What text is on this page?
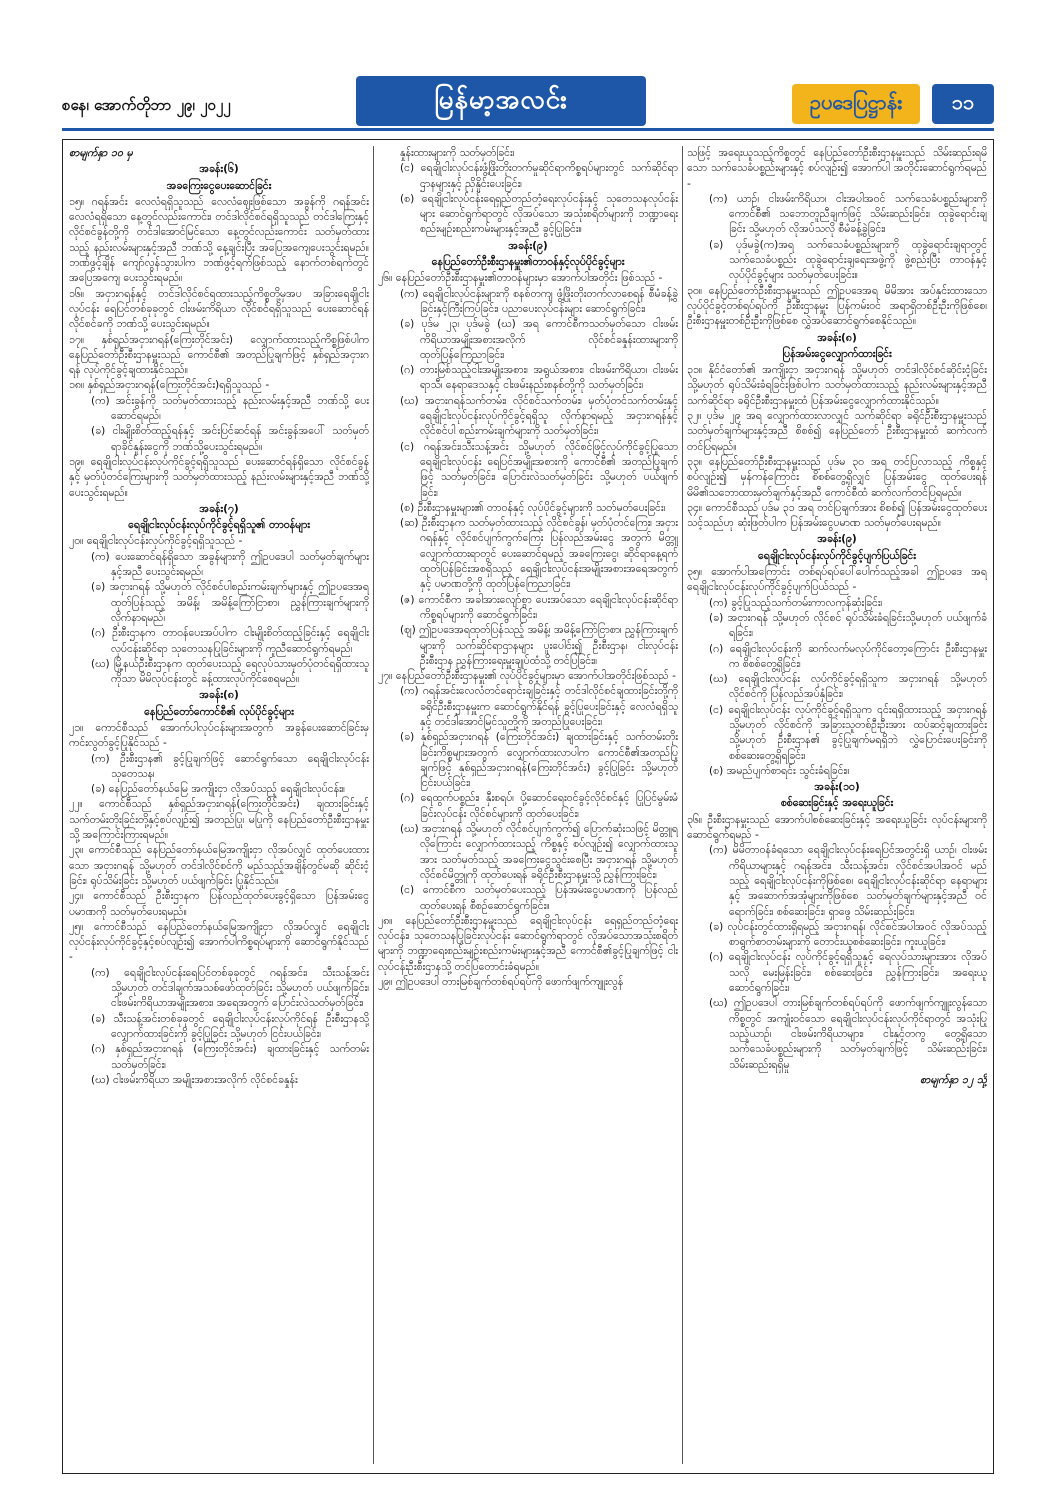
စနေ၊ အောက်တိုဘာ ၂၉၊ ၂၀၂၂	မြန်မာ့အလင်း	ဥပဒေပြဋ္ဌာန်း ၁၁

စာမျက်နှာ ၁၀ မှ

အခန်း(၆)

အခကြေးငွေပေးဆောင်ခြင်း

၁၅။ ဂရန်အင်း လေလံရရှိသူသည် လေလံဈေးဖြစ်သော အခွန်ကို ဂရန်အင်းလေလံရရှိသော နေ့တွင်လည်းကောင်း၊ တင်ဒါလိုင်စင်ရရှိသူသည် တင်ဒါကြေးနှင့် လိုင်စင်ခွန်တို့ကို တင်ဒါအောင်မြင်သော နေ့တွင်လည်းကောင်း သတ်မှတ်ထားသည့် နည်းလမ်းများနှင့်အညီ ဘဏ်သို့ နေ့ချင်းပြီး အပြေအကျေပေးသွင်းရမည်။ ဘဏ်ဖွင့်ချိန် ကျော်လွန်သွားပါက ဘဏ်ဖွင့်ရက်ဖြစ်သည့် နောက်တစ်ရက်တွင် အပြေအကျေ ပေးသွင်းရမည်။

၁၆။ အငှားဂရန်နှင့် တင်ဒါလိုင်စင်ရထားသည့်ကိစ္စတို့မှအပ အခြားရေချိုငါးလုပ်ငန်း ရေပြင်တစ်ခုခုတွင် ငါးဖမ်းကိရိယာ လိုင်စင်ရရှိသူသည် ပေးဆောင်ရန်လိုင်စင်ခကို ဘဏ်သို့ ပေးသွင်းရမည်။

၁၇။ နှစ်ရှည်အငှားဂရန်(ကြေးတိုင်အင်း) လျှောက်ထားသည့်ကိစ္စဖြစ်ပါက နေပြည်တော်ဦးစီးဌာနမှူးသည် ကောင်စီ၏ အတည်ပြုချက်ဖြင့် နှစ်ရှည်အငှားဂရန် လုပ်ကိုင်ခွင့်ချထားနိုင်သည်။

၁၈။ နှစ်ရှည်အငှားဂရန်(ကြေးတိုင်အင်း)ရရှိသူသည် -

(က) အင်းခွန်ကို သတ်မှတ်ထားသည့် နည်းလမ်းနှင့်အညီ ဘဏ်သို့ ပေးဆောင်ရမည်၊

(ခ) ငါးမျိုးစိတ်ထည့်ရန်နှင့် အင်းပြင်ဆင်ရန် အင်းခွန်အပေါ် သတ်မှတ်ရာခိုင်နှုန်းငွေကို ဘဏ်သို့ပေးသွင်းရမည်။

၁၉။ ရေချိုငါးလုပ်ငန်းလုပ်ကိုင်ခွင့်ရရှိသူသည် ပေးဆောင်ရန်ရှိသော လိုင်စင်ခွန်နှင့် မှတ်ပုံတင်ကြေးများကို သတ်မှတ်ထားသည့် နည်းလမ်းများနှင့်အညီ ဘဏ်သို့ပေးသွင်းရမည်။

အခန်း(၇)

ရေချိုငါးလုပ်ငန်းလုပ်ကိုင်ခွင့်ရရှိသူ၏ တာဝန်များ

၂၀။ ရေချိုငါးလုပ်ငန်းလုပ်ကိုင်ခွင့်ရရှိသူသည် -

(က) ပေးဆောင်ရန်ရှိသော အခွန်များကို ဤဥပဒေပါ သတ်မှတ်ချက်များနှင့်အညီ ပေးသွင်းရမည်၊

(ခ) အငှားဂရန် သို့မဟုတ် လိုင်စင်ပါစည်းကမ်းချက်များနှင့် ဤဥပဒေအရ ထုတ်ပြန်သည့် အမိန့်၊ အမိန့်ကြော်ငြာစာ၊ ညွှန်ကြားချက်များကိုလိုက်နာရမည်၊

(ဂ) ဦးစီးဌာနက တာဝန်ပေးအပ်ပါက ငါးမျိုးစိတ်ထည့်ခြင်းနှင့် ရေချိုငါးလုပ်ငန်းဆိုင်ရာ သုတေသနပြုခြင်းများကို ကူညီဆောင်ရွက်ရမည်၊

(ဃ) မြို့နယ်ဦးစီးဌာနက ထုတ်ပေးသည့် ရေလုပ်သားမှတ်ပုံတင်ရရှိထားသူကိုသာ မိမိလုပ်ငန်းတွင် ခန့်ထားလုပ်ကိုင်စေရမည်။

အခန်း(၈)

နေပြည်တော်ကောင်စီ၏ လုပ်ပိုင်ခွင့်များ

၂၁။ ကောင်စီသည် အောက်ပါလုပ်ငန်းများအတွက် အခွန်ပေးဆောင်ခြင်းမှ ကင်းလွတ်ခွင့်ပြုနိုင်သည် -

(က) ဦးစီးဌာန၏ ခွင့်ပြုချက်ဖြင့် ဆောင်ရွက်သော ရေချိုငါးလုပ်ငန်းသုတေသန၊

(ခ) နေပြည်တော်နယ်မြေ အကျိုးငှာ လိုအပ်သည့် ရေချိုငါးလုပ်ငန်း။

၂၂။ ကောင်စီသည် နှစ်ရှည်အငှားဂရန်(ကြေးတိုင်အင်း) ချထားခြင်းနှင့် သက်တမ်းတိုးခြင်းတို့နှင့်စပ်လျဉ်း၍ အတည်ပြု၊ မပြုကို နေပြည်တော်ဦးစီးဌာနမှူးသို့ အကြောင်းကြားရမည်။

၂၃။ ကောင်စီသည် နေပြည်တော်နယ်မြေအကျိုးငှာ လိုအပ်လျှင် ထုတ်ပေးထားသော အငှားဂရန် သို့မဟုတ် တင်ဒါလိုင်စင်ကို မည်သည့်အချိန်တွင်မဆို ဆိုင်းငံ့ခြင်း၊ ရုပ်သိမ်းခြင်း သို့မဟုတ် ပယ်ဖျက်ခြင်း ပြုနိုင်သည်။

၂၄။ ကောင်စီသည် ဦးစီးဌာနက ပြန်လည်ထုတ်ပေးခွင့်ရှိသော ပြန်အမ်းငွေပမာဏကို သတ်မှတ်ပေးရမည်။

၂၅။ ကောင်စီသည် နေပြည်တော်နယ်မြေအကျိုးငှာ လိုအပ်လျှင် ရေချိုငါးလုပ်ငန်းလုပ်ကိုင်ခွင့်နှင့်စပ်လျဉ်း၍ အောက်ပါကိစ္စရပ်များကို ဆောင်ရွက်နိုင်သည် -

(က) ရေချိုငါးလုပ်ငန်းရေပြင်တစ်ခုခုတွင် ဂရန်အင်း၊ သီးသန့်အင်း သို့မဟုတ် တင်ဒါချက်အသစ်ဖော်ထုတ်ခြင်း သို့မဟုတ် ပယ်ဖျက်ခြင်း၊ ငါးဖမ်းကိရိယာအမျိုးအစား၊ အရေအတွက် ပြောင်းလဲသတ်မှတ်ခြင်း၊

(ခ) သီးသန့်အင်းတစ်ခုခုတွင် ရေချိုငါးလုပ်ငန်းလုပ်ကိုင်ရန် ဦးစီးဌာနသို့ လျှောက်ထားခြင်းကို ခွင့်ပြုခြင်း သို့မဟုတ် ငြင်းပယ်ခြင်း၊

(ဂ) နှစ်ရှည်အငှားဂရန် (ကြေးတိုင်အင်း) ချထားခြင်းနှင့် သက်တမ်းသတ်မှတ်ခြင်း၊

(ဃ) ငါးဖမ်းကိရိယာ အမျိုးအစားအလိုက် လိုင်စင်ခနှုန်း

နှုန်းထားများကို သတ်မှတ်ခြင်း၊

(င) ရေချိုငါးလုပ်ငန်းဖွံ့ဖြိုးတိုးတက်မှုဆိုင်ရာကိစ္စရပ်များတွင် သက်ဆိုင်ရာဌာနများနှင့် ညှိနှိုင်းပေးခြင်း၊

(စ) ရေချိုငါးလုပ်ငန်းရေရှည်တည်တံ့ရေးလုပ်ငန်းနှင့် သုတေသနလုပ်ငန်းများ ဆောင်ရွက်ရာတွင် လိုအပ်သော အသုံးစရိတ်များကို ဘဏ္ဍာရေးစည်းမျဉ်းစည်းကမ်းများနှင့်အညီ ခွင့်ပြုခြင်း။

အခန်း(၉)

နေပြည်တော်ဦးစီးဌာနမှူး၏တာဝန်နှင့်လုပ်ပိုင်ခွင့်များ

၂၆။ နေပြည်တော်ဦးစီးဌာနမှူး၏တာဝန်များမှာ အောက်ပါအတိုင်း ဖြစ်သည် -

(က) ရေချိုငါးလုပ်ငန်းများကို စနစ်တကျ ဖွံ့ဖြိုးတိုးတက်လာစေရန် စီမံခန့်ခွဲခြင်းနှင့်ကြီးကြပ်ခြင်း၊ ပညာပေးလုပ်ငန်းများ ဆောင်ရွက်ခြင်း၊

(ခ) ပုဒ်မ ၂၃၊ ပုဒ်မခွဲ (ဃ) အရ ကောင်စီကသတ်မှတ်သော ငါးဖမ်းကိရိယာအမျိုးအစားအလိုက် လိုင်စင်ခနှုန်းထားများကို ထုတ်ပြန်ကြေညာခြင်း၊

(ဂ) တားမြစ်သည့်ငါးအမျိုးအစား၊ အရွယ်အစား၊ ငါးဖမ်းကိရိယာ၊ ငါးဖမ်းရာသီ၊ နေရာဒေသနှင့် ငါးဖမ်းနည်းစနစ်တို့ကို သတ်မှတ်ခြင်း၊

(ဃ) အငှားဂရန်သက်တမ်း၊ လိုင်စင်သက်တမ်း၊ မှတ်ပုံတင်သက်တမ်းနှင့် ရေချိုငါးလုပ်ငန်းလုပ်ကိုင်ခွင့်ရရှိသူ လိုက်နာရမည့် အငှားဂရန်နှင့် လိုင်စင်ပါ စည်းကမ်းချက်များကို သတ်မှတ်ခြင်း၊

(င) ဂရန်အင်း၊သီးသန့်အင်း သို့မဟုတ် လိုင်စင်ဖြင့်လုပ်ကိုင်ခွင့်ပြုသော ရေချိုငါးလုပ်ငန်း ရေပြင်အမျိုးအစားကို ကောင်စီ၏ အတည်ပြုချက်ဖြင့် သတ်မှတ်ခြင်း၊ ပြောင်းလဲသတ်မှတ်ခြင်း သို့မဟုတ် ပယ်ဖျက်ခြင်း၊

(စ) ဦးစီးဌာနမှူးများ၏ တာဝန်နှင့် လုပ်ပိုင်ခွင့်များကို သတ်မှတ်ပေးခြင်း၊

(ဆ) ဦးစီးဌာနက သတ်မှတ်ထားသည့် လိုင်စင်ခွန်၊ မှတ်ပုံတင်ကြေး၊ အငှားဂရန်နှင့် လိုင်စင်ပျက်ကွက်ကြေး ပြန်လည်အမ်းငွေ အတွက် မိတ္တူလျှောက်ထားရာတွင် ပေးဆောင်ရမည့် အခကြေးငွေ၊ ဆိုင်ရာနေ့ရက် ထုတ်ပြန်ခြင်းအစရှိသည့် ရေချိုငါးလုပ်ငန်းအမျိုးအစားအရေအတွက်နှင့် ပမာဏတို့ကို ထုတ်ပြန်ကြေညာခြင်း၊

(ဇ) ကောင်စီက အခါအားလျော်စွာ ပေးအပ်သော ရေချိုငါးလုပ်ငန်းဆိုင်ရာ ကိစ္စရပ်များကို ဆောင်ရွက်ခြင်း၊

(ဈ) ဤဥပဒေအရထုတ်ပြန်သည့် အမိန့်၊ အမိန့်ကြော်ငြာစာ၊ ညွှန်ကြားချက်များကို သက်ဆိုင်ရာဌာနများ ပူးပေါင်း၍ ဦးစီးဌာန၊ ငါးလုပ်ငန်းဦးစီးဌာန ညွှန်ကြားရေးမှူးချုပ်ထံသို့ တင်ပြခြင်း။

၂၇။ နေပြည်တော်ဦးစီးဌာနမှူး၏ လုပ်ပိုင်ခွင့်များမှာ အောက်ပါအတိုင်းဖြစ်သည် -

(က) ဂရန်အင်းလေလံတင်ရောင်းချခြင်းနှင့် တင်ဒါလိုင်စင်ချထားခြင်းတို့ကို ခရိုင်ဦးစီးဌာနမှူးက ဆောင်ရွက်နိုင်ရန် ခွင့်ပြုပေးခြင်းနှင့် လေလံရရှိသူနှင့် တင်ဒါအောင်မြင်သူတို့ကို အတည်ပြုပေးခြင်း၊

(ခ) နှစ်ရှည်အငှားဂရန် (ကြေးတိုင်အင်း) ချထားခြင်းနှင့် သက်တမ်းတိုးခြင်းကိစ္စများအတွက် လျှောက်ထားလာပါက ကောင်စီ၏အတည်ပြုချက်ဖြင့် နှစ်ရှည်အငှားဂရန်(ကြေးတိုင်အင်း) ခွင့်ပြုခြင်း သို့မဟုတ် ငြင်းပယ်ခြင်း၊

(ဂ) ရေထွက်ပစ္စည်း၊ နှီးစရပ်၊ ပို့ဆောင်ရေးဝင်ခွင့်လိုင်စင်နှင့် ပြုပြင်မွမ်းမံခြင်းလုပ်ငန်း လိုင်စင်များကို ထုတ်ပေးခြင်း၊

(ဃ) အငှားဂရန် သို့မဟုတ် လိုင်စင်ပျက်ကွက်၍ ပြောက်ဆုံးသဖြင့် မိတ္တူရလိုကြောင်း လျှောက်ထားသည့် ကိစ္စနှင့် စပ်လျဉ်း၍ လျှောက်ထားသူအား သတ်မှတ်သည့် အခကြေးငွေသွင်းစေပြီး အငှားဂရန် သို့မဟုတ် လိုင်စင်မိတ္တူကို ထုတ်ပေးရန် ခရိုင်ဦးစီးဌာနမှူးသို့ ညွှန်ကြားခြင်း၊

(င) ကောင်စီက သတ်မှတ်ပေးသည့် ပြန်အမ်းငွေပမာဏကို ပြန်လည်ထုတ်ပေးရန် စီစဉ်ဆောင်ရွက်ခြင်း။

၂၈။ နေပြည်တော်ဦးစီးဌာနမှူးသည် ရေချိုငါးလုပ်ငန်း ရေရှည်တည်တံ့ရေးလုပ်ငန်း၊ သုတေသနပြုခြင်းလုပ်ငန်း ဆောင်ရွက်ရာတွင် လိုအပ်သောအသုံးစရိတ်များကို ဘဏ္ဍာရေးစည်းမျဉ်းစည်းကမ်းများနှင့်အညီ ကောင်စီ၏ခွင့်ပြုချက်ဖြင့် ငါးလုပ်ငန်းဦးစီးဌာနသို့ တင်ပြတောင်းခံရမည်။

၂၉။ ဤဥပဒေပါ တားမြစ်ချက်တစ်ရပ်ရပ်ကို ဖောက်ဖျက်ကျူးလွန်

သဖြင့် အရေးယူသည့်ကိစ္စတွင် နေပြည်တော်ဦးစီးဌာနမှူးသည် သိမ်းဆည်းရမိသော သက်သေခံပစ္စည်းများနှင့် စပ်လျဉ်း၍ အောက်ပါ အတိုင်းဆောင်ရွက်ရမည် -

(က) ယာဉ်၊ ငါးဖမ်းကိရိယာ၊ ငါးအပါအဝင် သက်သေခံပစ္စည်းများကို ကောင်စီ၏ သဘောတူညီချက်ဖြင့် သိမ်းဆည်းခြင်း၊ ထုခွဲရောင်းချခြင်း သို့မဟုတ် လိုအပ်သလို စီမံခန့်ခွဲခြင်း၊

(ခ) ပုဒ်မခွဲ(က)အရ သက်သေခံပစ္စည်းများကို ထုခွဲရောင်းချရာတွင် သက်သေခံပစ္စည်း ထုခွဲရောင်းချရေးအဖွဲ့ကို ဖွဲ့စည်းပြီး တာဝန်နှင့် လုပ်ပိုင်ခွင့်များ သတ်မှတ်ပေးခြင်း။

၃၀။ နေပြည်တော်ဦးစီးဌာနမှူးသည် ဤဥပဒေအရ မိမိအား အပ်နှင်းထားသော လုပ်ပိုင်ခွင့်တစ်ရပ်ရပ်ကို ဦးစီးဌာနမှူး ပြန်ကမ်းဝင် အရာရှိတစ်ဦးဦးကိုဖြစ်စေ၊ ဦးစီးဌာနမှူးတစ်ဦးဦးကိုဖြစ်စေ လွှဲအပ်ဆောင်ရွက်စေနိုင်သည်။

အခန်း(၈)

ပြန်အမ်းငွေလျှောက်ထားခြင်း

၃၁။ နိုင်ငံတော်၏ အကျိုးငှာ အငှားဂရန် သို့မဟုတ် တင်ဒါလိုင်စင်ဆိုင်းငံ့ခြင်း သို့မဟုတ် ရုပ်သိမ်းခံရခြင်းဖြစ်ပါက သတ်မှတ်ထားသည့် နည်းလမ်းများနှင့်အညီ သက်ဆိုင်ရာ ခရိုင်ဦးစီးဌာနမှူးထံ ပြန်အမ်းငွေလျှောက်ထားနိုင်သည်။

၃၂။ ပုဒ်မ ၂၉ အရ လျှောက်ထားလာလျှင် သက်ဆိုင်ရာ ခရိုင်ဦးစီးဌာနမှူးသည် သတ်မှတ်ချက်များနှင့်အညီ စိစစ်၍ နေပြည်တော် ဦးစီးဌာနမှူးထံ ဆက်လက်တင်ပြရမည်။

၃၃။ နေပြည်တော်ဦးစီးဌာနမှူးသည် ပုဒ်မ ၃၀ အရ တင်ပြလာသည့် ကိစ္စနှင့်စပ်လျဉ်း၍ မှန်ကန်ကြောင်း စိစစ်တွေ့ရှိလျှင် ပြန်အမ်းငွေ ထုတ်ပေးရန် မိမိ၏သဘောထားမှတ်ချက်နှင့်အညီ ကောင်စီထံ ဆက်လက်တင်ပြရမည်။

၃၄။ ကောင်စီသည် ပုဒ်မ ၃၁ အရ တင်ပြချက်အား စိစစ်၍ ပြန်အမ်းငွေထုတ်ပေးသင့်သည်ဟု ဆုံးဖြတ်ပါက ပြန်အမ်းငွေပမာဏ သတ်မှတ်ပေးရမည်။

အခန်း(၉)

ရေချိုငါးလုပ်ငန်းလုပ်ကိုင်ခွင့်ပျက်ပြယ်ခြင်း

၃၅။ အောက်ပါအကြောင်း တစ်ရပ်ရပ်ပေါ်ပေါက်သည့်အခါ ဤဥပဒေ အရ ရေချိုငါးလုပ်ငန်းလုပ်ကိုင်ခွင့်ပျက်ပြယ်သည် -

(က) ခွင့်ပြုသည့်သက်တမ်းကာလကုန်ဆုံးခြင်း၊

(ခ) အငှားဂရန် သို့မဟုတ် လိုင်စင် ရုပ်သိမ်းခံရခြင်းသို့မဟုတ် ပယ်ဖျက်ခံရခြင်း၊

(ဂ) ရေချိုငါးလုပ်ငန်းကို ဆက်လက်မလုပ်ကိုင်တော့ကြောင်း ဦးစီးဌာနမှူးက စိစစ်တွေ့ရှိခြင်း၊

(ဃ) ရေချိုငါးလုပ်ငန်း လုပ်ကိုင်ခွင့်ရရှိသူက အငှားဂရန် သို့မဟုတ် လိုင်စင်ကို ပြန်လည်အပ်နှံခြင်း၊

(င) ရေချိုငါးလုပ်ငန်း လုပ်ကိုင်ခွင့်ရရှိသူက ၎င်းရရှိထားသည့် အငှားဂရန်သို့မဟုတ် လိုင်စင်ကို အခြားသူတစ်ဦးဦးအား ထပ်ဆင့်ချထားခြင်း သို့မဟုတ် ဦးစီးဌာန၏ ခွင့်ပြုချက်မရရှိဘဲ လွှဲပြောင်းပေးခြင်းကို စစ်ဆေးတွေ့ရှိရခြင်း၊

(စ) အမည်ပျက်စာရင်း သွင်းခံရခြင်း။

အခန်း(၁၀)

စစ်ဆေးခြင်းနှင့် အရေးယူခြင်း

၃၆။ ဦးစီးဌာနမှူးသည် အောက်ပါစစ်ဆေးခြင်းနှင့် အရေးယူခြင်း လုပ်ငန်းများကို ဆောင်ရွက်ရမည် -

(က) မိမိတာဝန်ခံရသော ရေချိုငါးလုပ်ငန်းရေပြင်အတွင်းရှိ ယာဉ်၊ ငါးဖမ်းကိရိယာများနှင့် ဂရန်အင်း၊ သီးသန့်အင်း၊ လိုင်စင်အပါအဝင် မည်သည့် ရေချိုငါးလုပ်ငန်းကိုဖြစ်စေ၊ ရေချိုငါးလုပ်ငန်းဆိုင်ရာ နေရာများနှင့် အဆောက်အအုံများကိုဖြစ်စေ သတ်မှတ်ချက်များနှင့်အညီ ဝင်ရောက်ခြင်း၊ စစ်ဆေးခြင်း၊ ရှာဖွေ သိမ်းဆည်းခြင်း၊

(ခ) လုပ်ငန်းတွင်ထားရှိရမည့် အငှားဂရန်၊ လိုင်စင်အပါအဝင် လိုအပ်သည့်စာရွက်စာတမ်းများကို တောင်းယူစစ်ဆေးခြင်း၊ ကူးယူခြင်း၊

(ဂ) ရေချိုငါးလုပ်ငန်း လုပ်ကိုင်ခွင့်ရရှိသူနှင့် ရေလုပ်သားများအား လိုအပ်သလို မေးမြန်းခြင်း၊ စစ်ဆေးခြင်း၊ ညွှန်ကြားခြင်း၊ အရေးယူဆောင်ရွက်ခြင်း၊

(ဃ) ဤဥပဒေပါ တားမြစ်ချက်တစ်ရပ်ရပ်ကို ဖောက်ဖျက်ကျူးလွန်သောကိစ္စတွင် အကျုံးဝင်သော ရေချိုငါးလုပ်ငန်းလုပ်ကိုင်ရာတွင် အသုံးပြုသည့်ယာဉ်၊ ငါးဖမ်းကိရိယာများ၊ ငါးနှင့်တကွ တွေ့ရှိသောသက်သေခံပစ္စည်းများကို သတ်မှတ်ချက်ဖြင့် သိမ်းဆည်းခြင်း၊ သိမ်းဆည်းရရှိမှု

စာမျက်နှာ ၁၂ သို့
